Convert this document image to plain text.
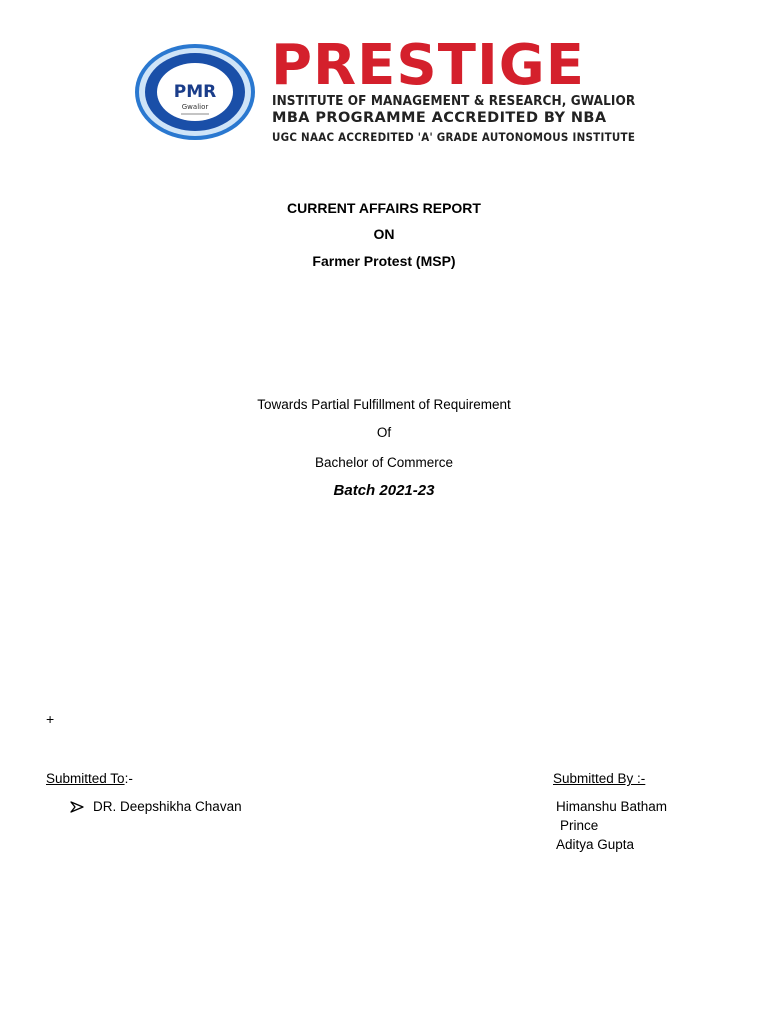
PMR
Gwalior
PRESTIGE
INSTITUTE OF MANAGEMENT & RESEARCH, GWALIOR
MBA PROGRAMME ACCREDITED BY NBA
UGC NAAC ACCREDITED 'A' GRADE AUTONOMOUS INSTITUTE
CURRENT AFFAIRS REPORT
ON
Farmer Protest (MSP)
Towards Partial Fulfillment of Requirement
Of
Bachelor of Commerce
Batch 2021-23
+
Submitted To:-	Submitted By :-
DR. Deepshikha Chavan	Himanshu Batham
Prince
Aditya Gupta
